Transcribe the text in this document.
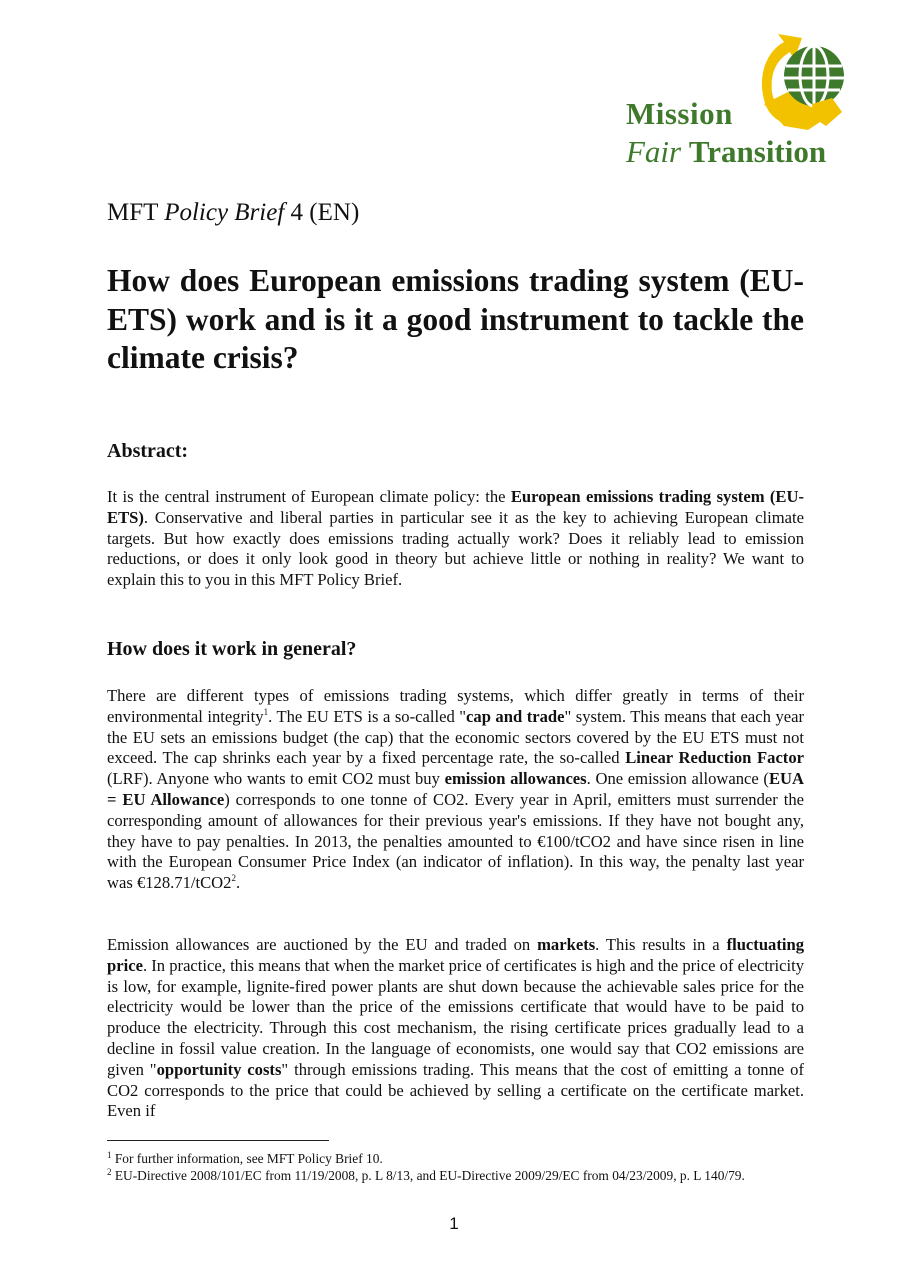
Mission
Fair Transition
MFT Policy Brief 4 (EN)
How does European emissions trading system (EU-ETS) work and is it a good instrument to tackle the climate crisis?
Abstract:

It is the central instrument of European climate policy: the European emissions trading system (EU-ETS). Conservative and liberal parties in particular see it as the key to achieving European climate targets. But how exactly does emissions trading actually work? Does it reliably lead to emission reductions, or does it only look good in theory but achieve little or nothing in reality? We want to explain this to you in this MFT Policy Brief.

How does it work in general?

There are different types of emissions trading systems, which differ greatly in terms of their environmental integrity$^1$. The EU ETS is a so-called "cap and trade" system. This means that each year the EU sets an emissions budget (the cap) that the economic sectors covered by the EU ETS must not exceed. The cap shrinks each year by a fixed percentage rate, the so-called Linear Reduction Factor (LRF). Anyone who wants to emit CO2 must buy emission allowances. One emission allowance (EUA = EU Allowance) corresponds to one tonne of CO2. Every year in April, emitters must surrender the corresponding amount of allowances for their previous year's emissions. If they have not bought any, they have to pay penalties. In 2013, the penalties amounted to €100/tCO2 and have since risen in line with the European Consumer Price Index (an indicator of inflation). In this way, the penalty last year was $€128.71/tCO2^2$.

Emission allowances are auctioned by the EU and traded on markets. This results in a fluctuating price. In practice, this means that when the market price of certificates is high and the price of electricity is low, for example, lignite-fired power plants are shut down because the achievable sales price for the electricity would be lower than the price of the emissions certificate that would have to be paid to produce the electricity. Through this cost mechanism, the rising certificate prices gradually lead to a decline in fossil value creation. In the language of economists, one would say that CO2 emissions are given "opportunity costs" through emissions trading. This means that the cost of emitting a tonne of CO2 corresponds to the price that could be achieved by selling a certificate on the certificate market. Even if

$^1$ For further information, see MFT Policy Brief 10.

$^2$ EU-Directive 2008/101/EC from 11/19/2008, p. L 8/13, and EU-Directive 2009/29/EC from 04/23/2009, p. L 140/79.

1
